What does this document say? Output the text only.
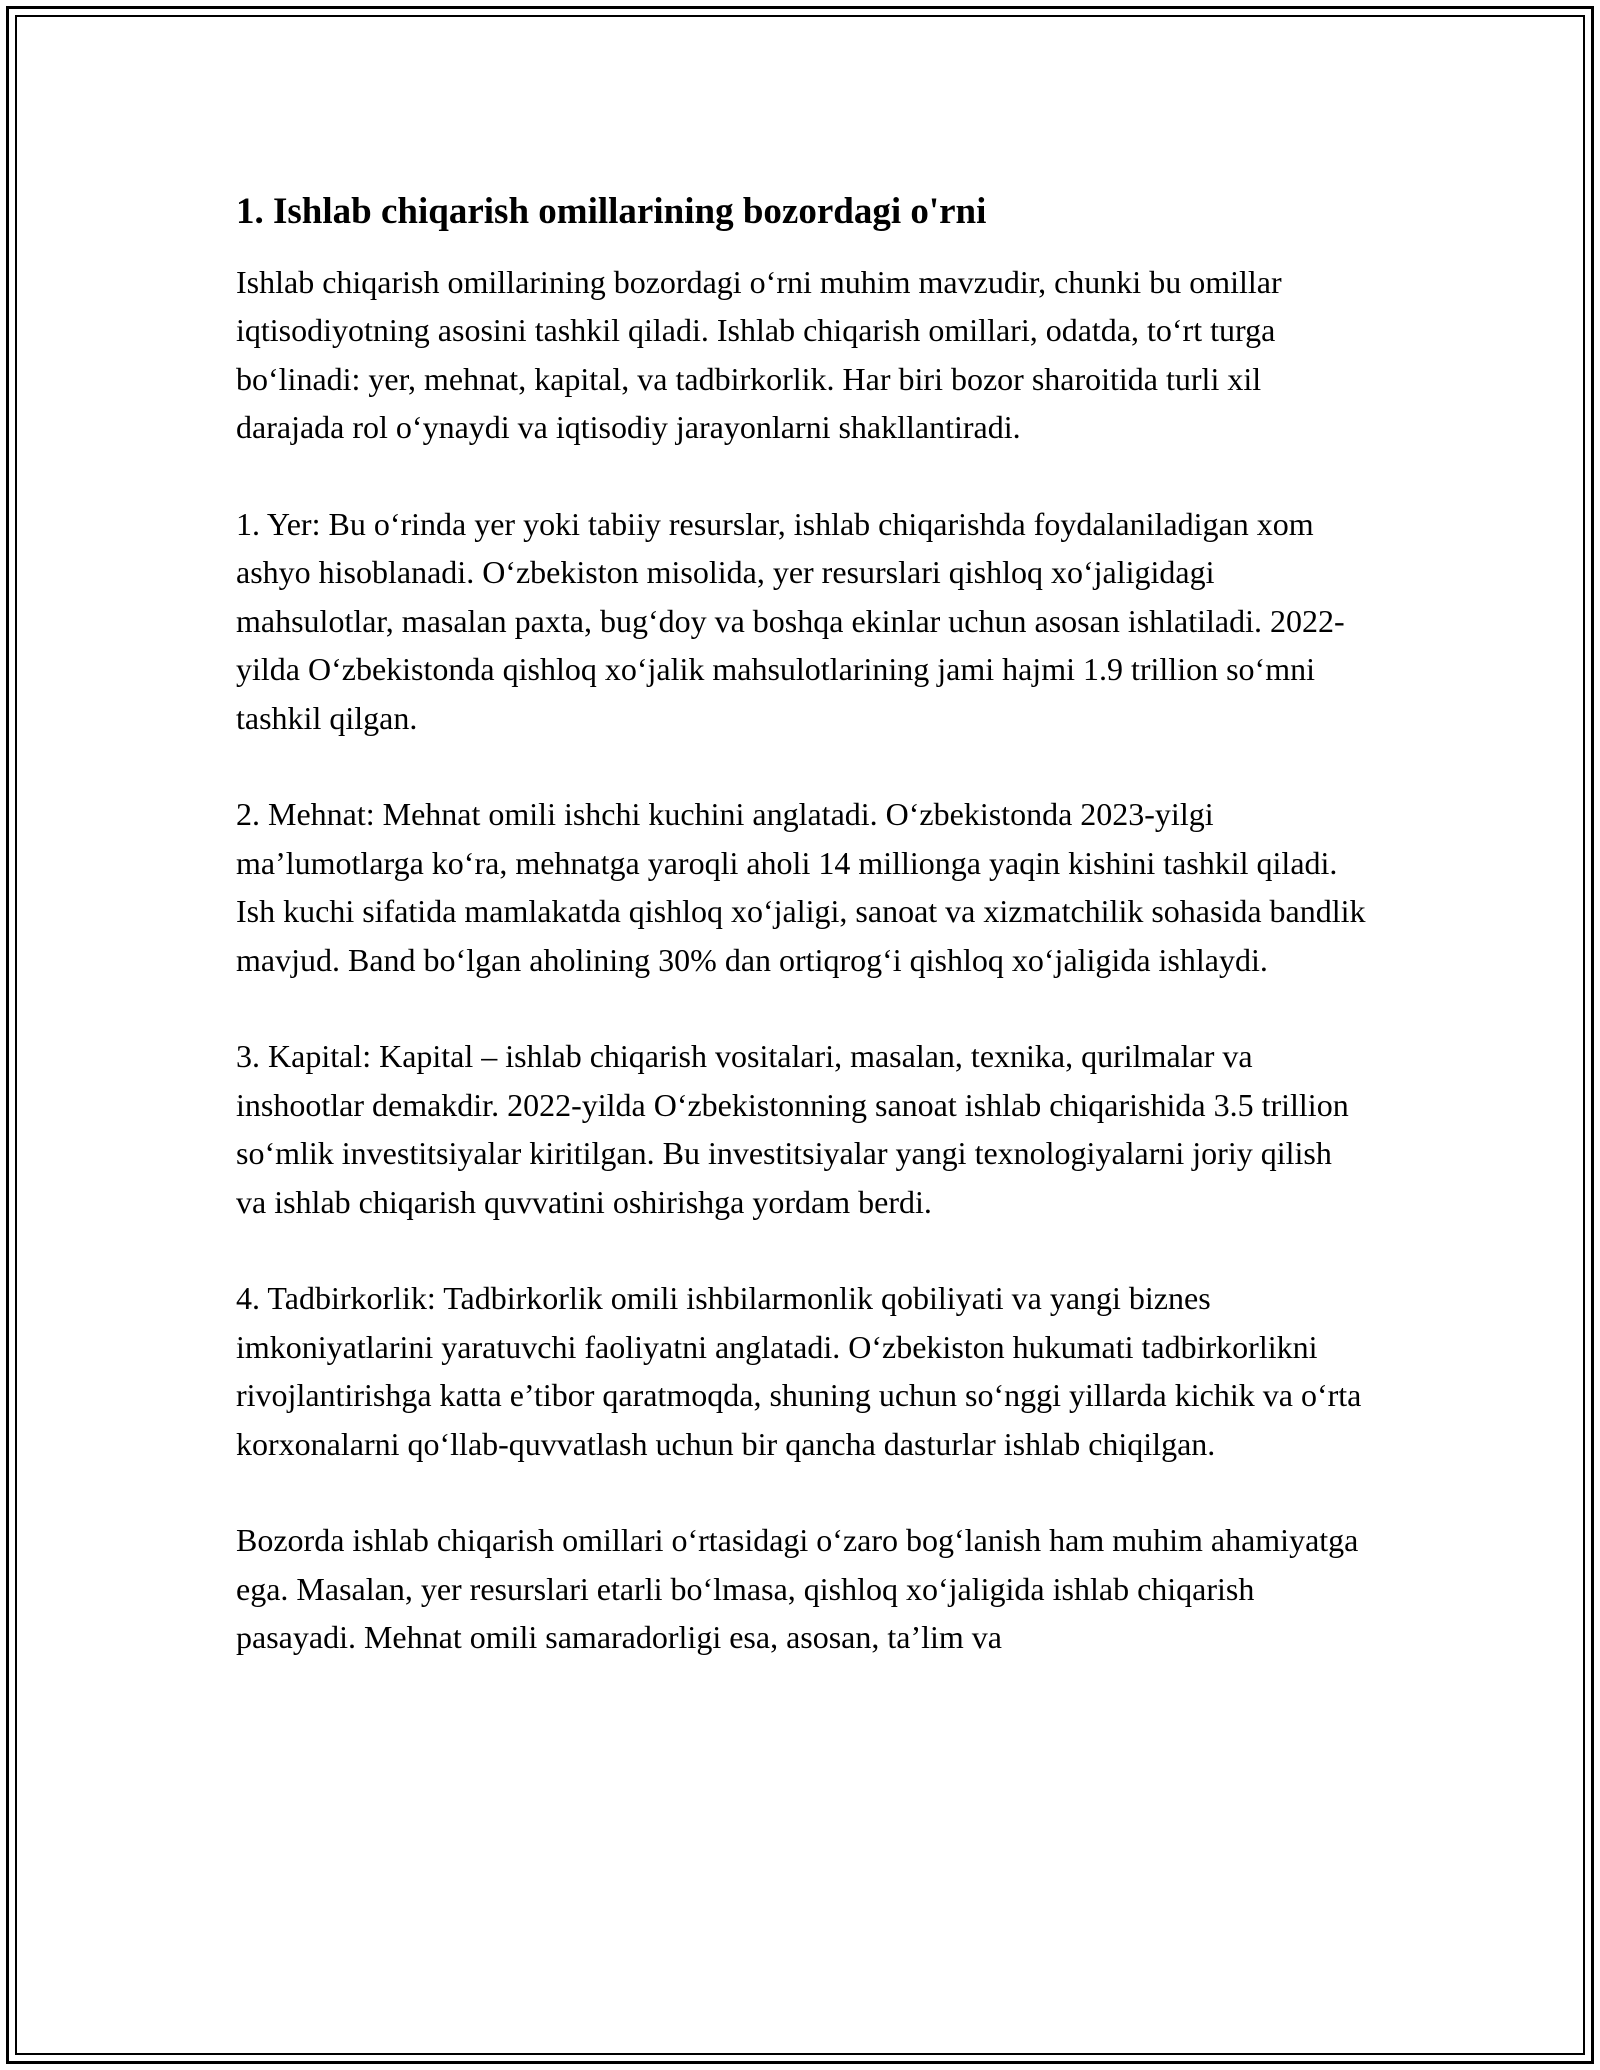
1. Ishlab chiqarish omillarining bozordagi o'rni

Ishlab chiqarish omillarining bozordagi o‘rni muhim mavzudir, chunki bu omillar iqtisodiyotning asosini tashkil qiladi. Ishlab chiqarish omillari, odatda, to‘rt turga bo‘linadi: yer, mehnat, kapital, va tadbirkorlik. Har biri bozor sharoitida turli xil darajada rol o‘ynaydi va iqtisodiy jarayonlarni shakllantiradi.

1. Yer: Bu o‘rinda yer yoki tabiiy resurslar, ishlab chiqarishda foydalaniladigan xom ashyo hisoblanadi. O‘zbekiston misolida, yer resurslari qishloq xo‘jaligidagi mahsulotlar, masalan paxta, bug‘doy va boshqa ekinlar uchun asosan ishlatiladi. 2022-yilda O‘zbekistonda qishloq xo‘jalik mahsulotlarining jami hajmi 1.9 trillion so‘mni tashkil qilgan.

2. Mehnat: Mehnat omili ishchi kuchini anglatadi. O‘zbekistonda 2023-yilgi ma’lumotlarga ko‘ra, mehnatga yaroqli aholi 14 millionga yaqin kishini tashkil qiladi. Ish kuchi sifatida mamlakatda qishloq xo‘jaligi, sanoat va xizmatchilik sohasida bandlik mavjud. Band bo‘lgan aholining 30% dan ortiqrog‘i qishloq xo‘jaligida ishlaydi.

3. Kapital: Kapital – ishlab chiqarish vositalari, masalan, texnika, qurilmalar va inshootlar demakdir. 2022-yilda O‘zbekistonning sanoat ishlab chiqarishida 3.5 trillion so‘mlik investitsiyalar kiritilgan. Bu investitsiyalar yangi texnologiyalarni joriy qilish va ishlab chiqarish quvvatini oshirishga yordam berdi.

4. Tadbirkorlik: Tadbirkorlik omili ishbilarmonlik qobiliyati va yangi biznes imkoniyatlarini yaratuvchi faoliyatni anglatadi. O‘zbekiston hukumati tadbirkorlikni rivojlantirishga katta e’tibor qaratmoqda, shuning uchun so‘nggi yillarda kichik va o‘rta korxonalarni qo‘llab-quvvatlash uchun bir qancha dasturlar ishlab chiqilgan.

Bozorda ishlab chiqarish omillari o‘rtasidagi o‘zaro bog‘lanish ham muhim ahamiyatga ega. Masalan, yer resurslari etarli bo‘lmasa, qishloq xo‘jaligida ishlab chiqarish pasayadi. Mehnat omili samaradorligi esa, asosan, ta’lim va
